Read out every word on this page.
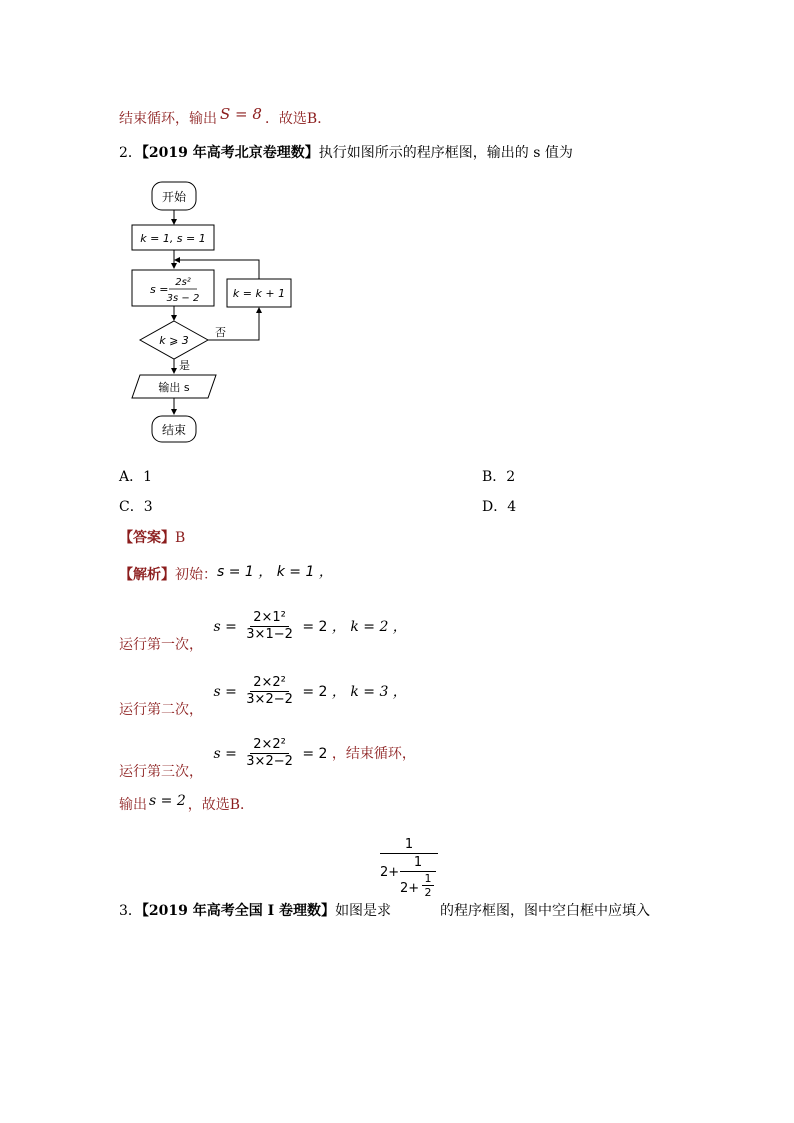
结束循环，输出 S = 8 ．故选B．
2．【2019 年高考北京卷理数】执行如图所示的程序框图，输出的 s 值为
开始
k = 1, s = 1
s =
2s²
3s − 2
k ⩾ 3
否
k = k + 1
是
输出 s
结束
A．1	B．2
C．3	D．4
【答案】B
【解析】初始：s = 1 ， k = 1 ，
运行第一次， $s = \frac{\text{2×1²}}{3\times 1-2} = 2$ ， k = 2 ，
运行第二次， $s = \frac{\text{2×2²}}{3\times 2-2} = 2$ ， k = 3 ，
运行第三次， $s = \frac{\text{2×2²}}{3\times 2-2} = 2$ ，结束循环，
输出 s = 2 ，故选B．
1
2+
1
2+
1
2
3．【2019 年高考全国 I 卷理数】如图是求	的程序框图，图中空白框中应填入
